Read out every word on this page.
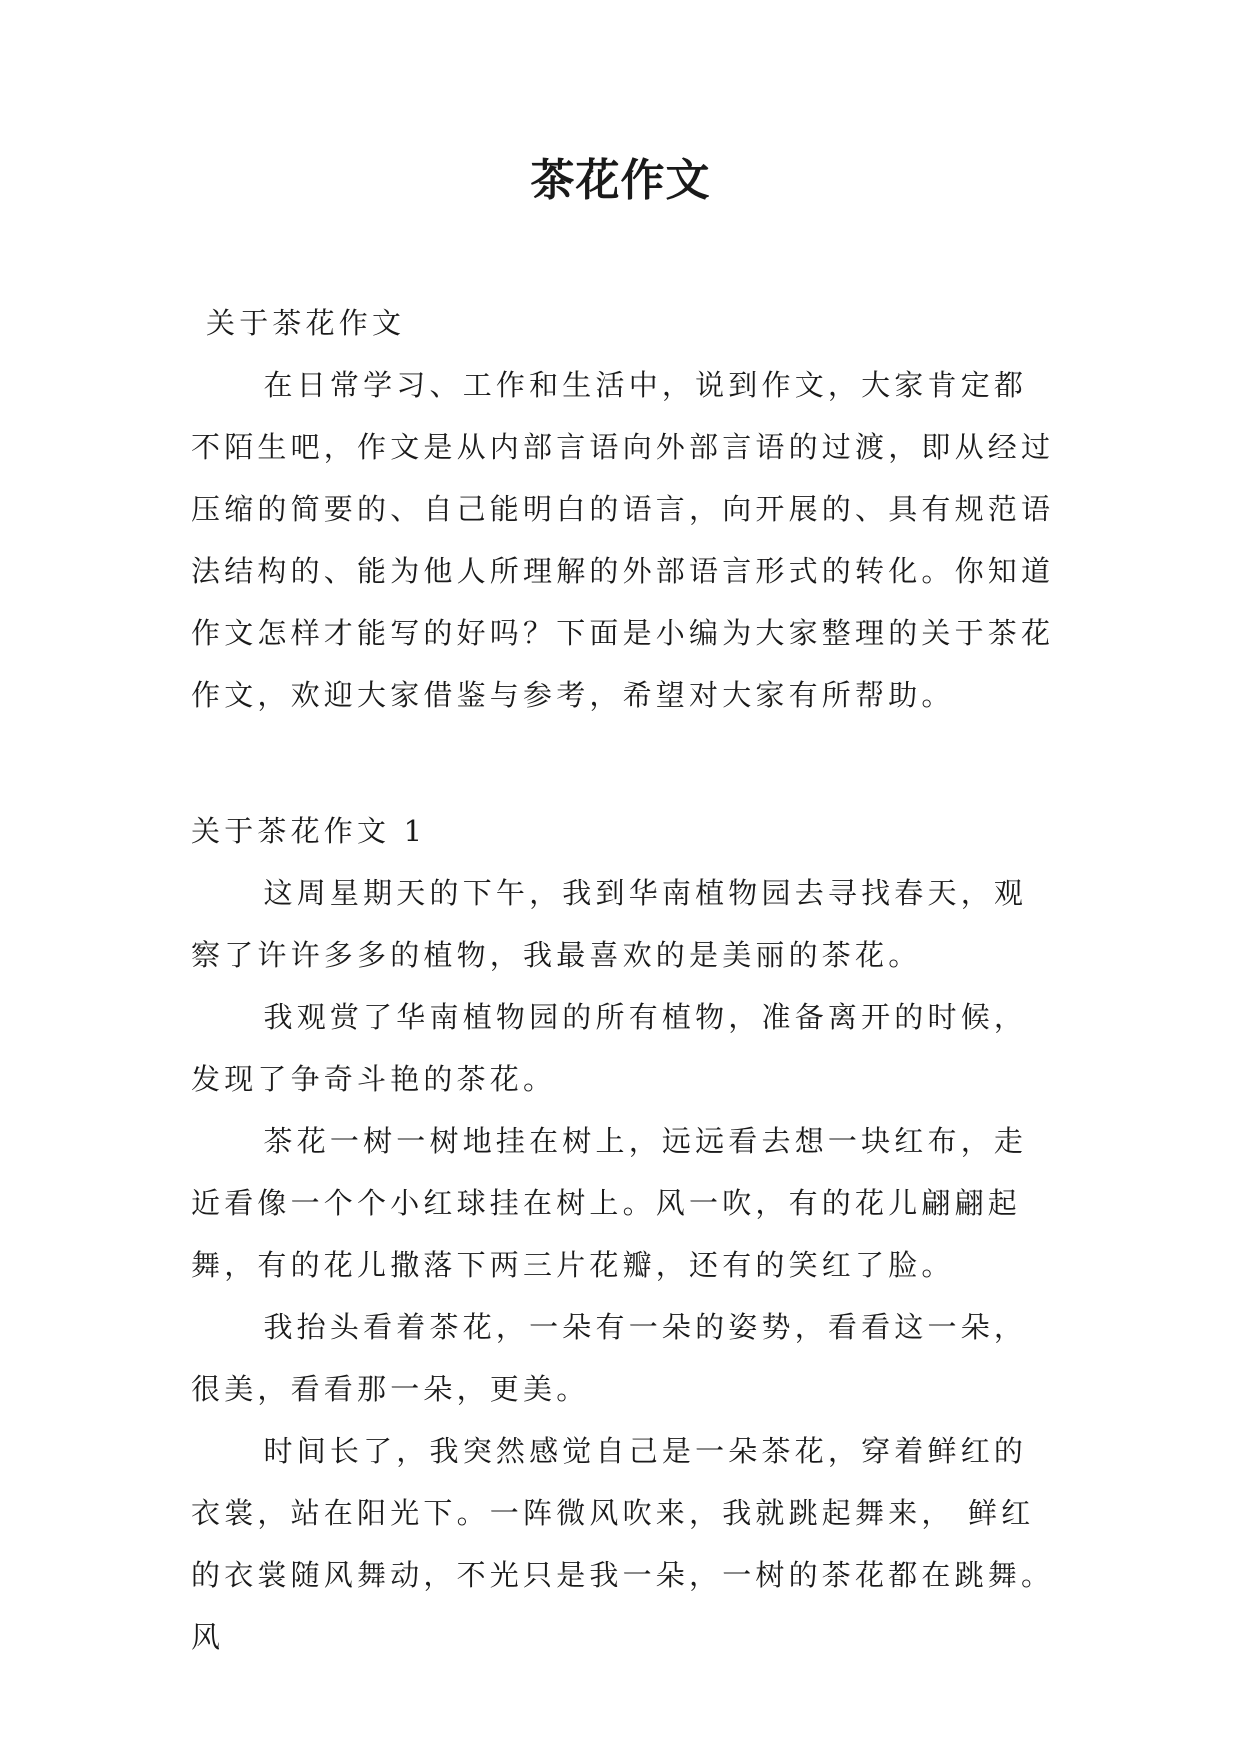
茶花作文

关于茶花作文

在日常学习、工作和生活中，说到作文，大家肯定都不陌生吧，作文是从内部言语向外部言语的过渡，即从经过压缩的简要的、自己能明白的语言，向开展的、具有规范语法结构的、能为他人所理解的外部语言形式的转化。你知道作文怎样才能写的好吗？下面是小编为大家整理的关于茶花作文，欢迎大家借鉴与参考，希望对大家有所帮助。

关于茶花作文 1

这周星期天的下午，我到华南植物园去寻找春天，观察了许许多多的植物，我最喜欢的是美丽的茶花。

我观赏了华南植物园的所有植物，准备离开的时候，发现了争奇斗艳的茶花。

茶花一树一树地挂在树上，远远看去想一块红布，走近看像一个个小红球挂在树上。风一吹，有的花儿翩翩起舞，有的花儿撒落下两三片花瓣，还有的笑红了脸。

我抬头看着茶花，一朵有一朵的姿势，看看这一朵，很美，看看那一朵，更美。

时间长了，我突然感觉自己是一朵茶花，穿着鲜红的衣裳，站在阳光下。一阵微风吹来，我就跳起舞来， 鲜红的衣裳随风舞动，不光只是我一朵，一树的茶花都在跳舞。风
